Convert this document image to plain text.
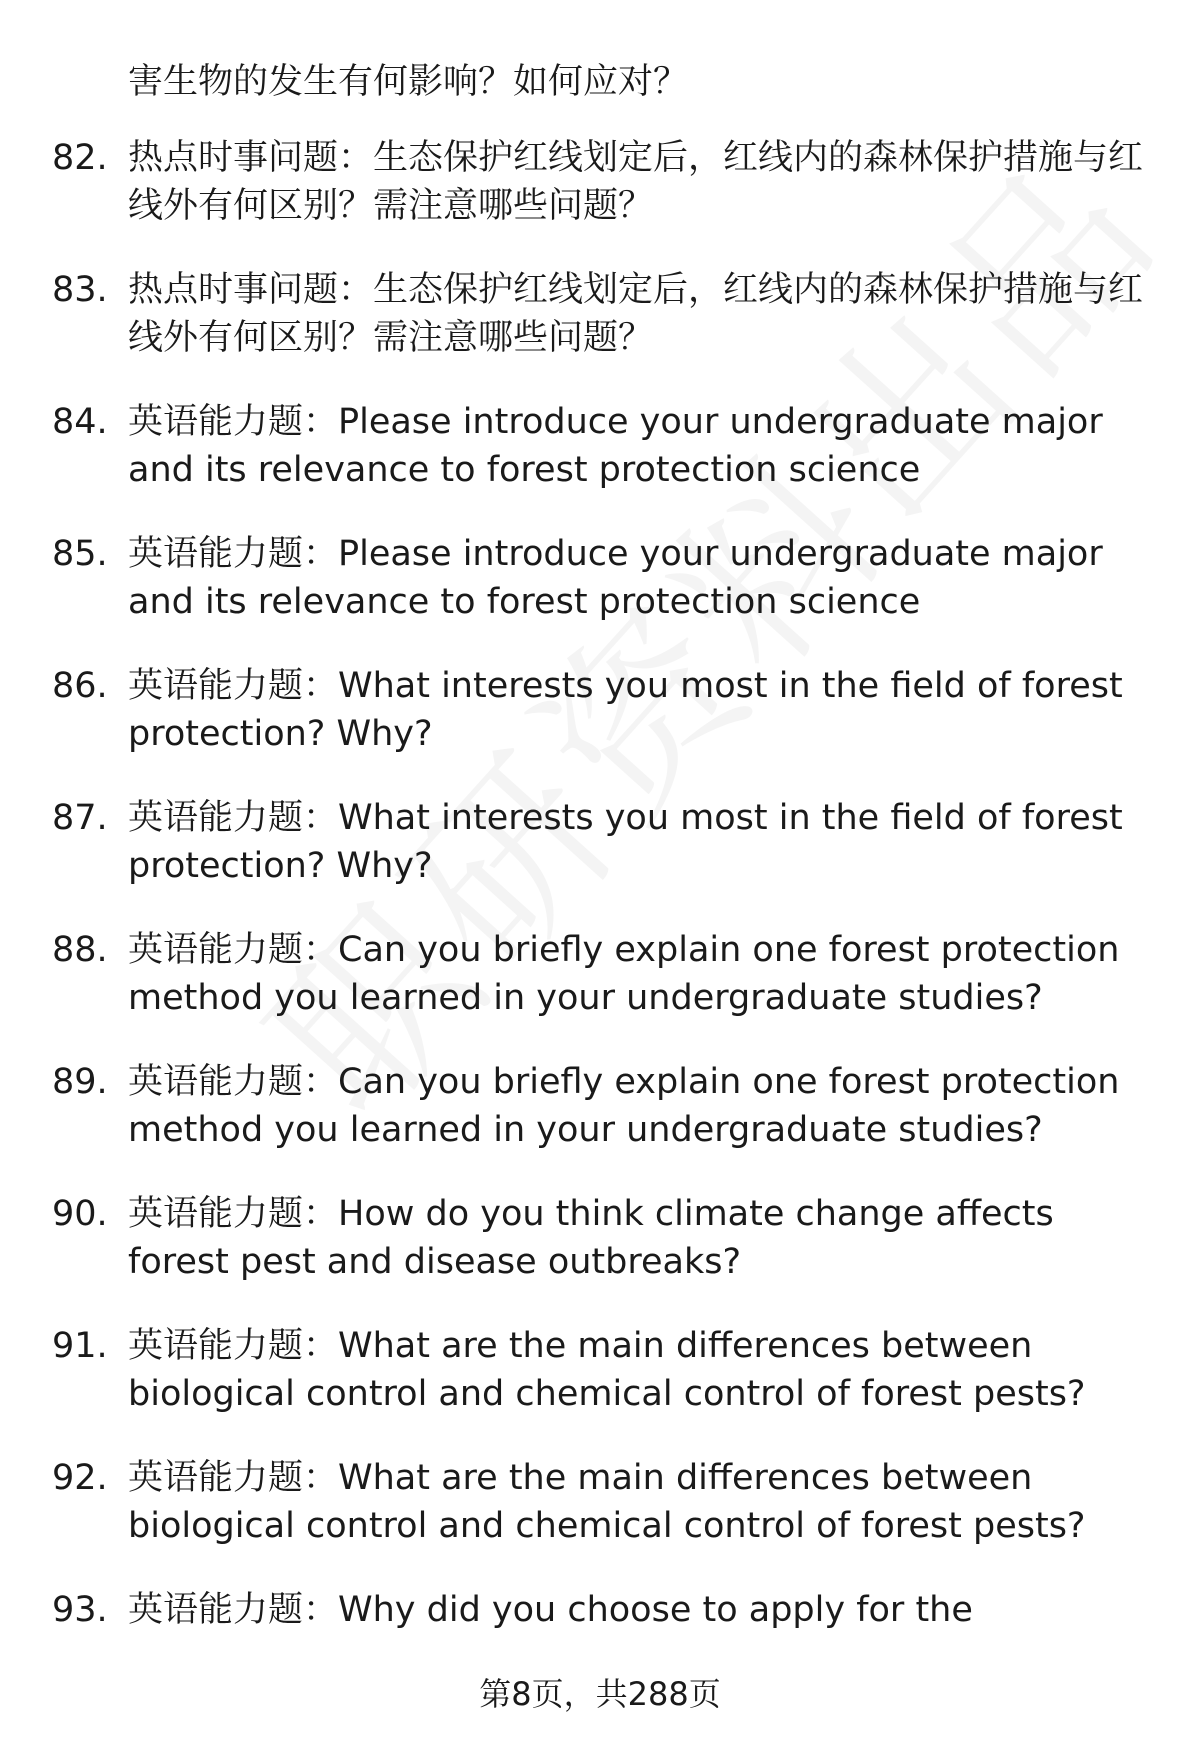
害生物的发生有何影响？如何应对？

82. 热点时事问题：生态保护红线划定后，红线内的森林保护措施与红线外有何区别？需注意哪些问题？

83. 热点时事问题：生态保护红线划定后，红线内的森林保护措施与红线外有何区别？需注意哪些问题？

84. 英语能力题：Please introduce your undergraduate major and its relevance to forest protection science

85. 英语能力题：Please introduce your undergraduate major and its relevance to forest protection science

86. 英语能力题：What interests you most in the field of forest protection? Why?

87. 英语能力题：What interests you most in the field of forest protection? Why?

88. 英语能力题：Can you briefly explain one forest protection method you learned in your undergraduate studies?

89. 英语能力题：Can you briefly explain one forest protection method you learned in your undergraduate studies?

90. 英语能力题：How do you think climate change affects forest pest and disease outbreaks?

91. 英语能力题：What are the main differences between biological control and chemical control of forest pests?

92. 英语能力题：What are the main differences between biological control and chemical control of forest pests?

93. 英语能力题：Why did you choose to apply for the

第8页，共288页
